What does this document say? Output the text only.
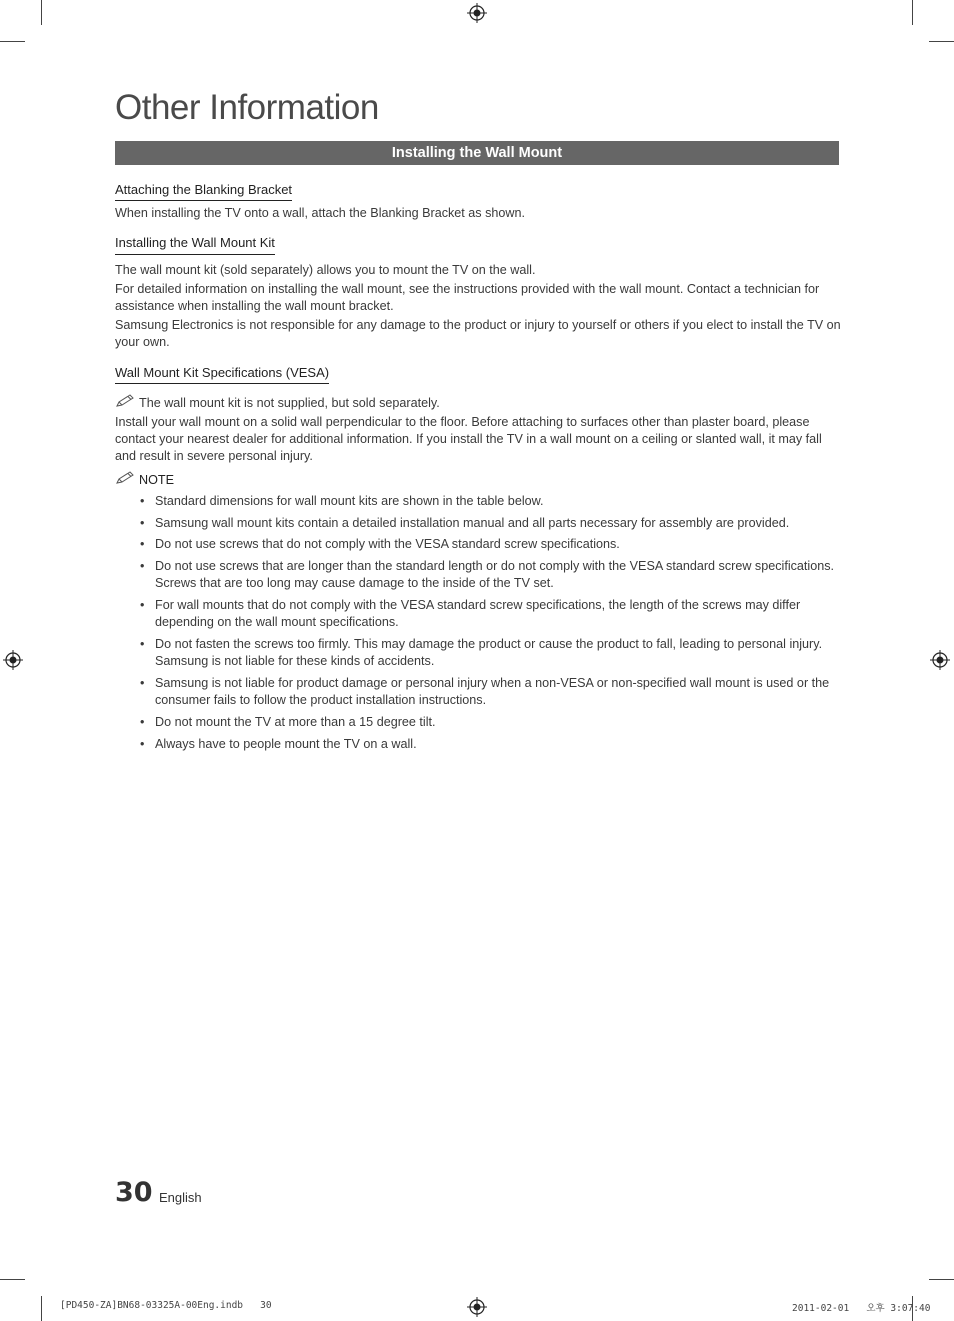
Other Information
Installing the Wall Mount
Attaching the Blanking Bracket

When installing the TV onto a wall, attach the Blanking Bracket as shown.

Installing the Wall Mount Kit

The wall mount kit (sold separately) allows you to mount the TV on the wall.

For detailed information on installing the wall mount, see the instructions provided with the wall mount. Contact a technician for assistance when installing the wall mount bracket.

Samsung Electronics is not responsible for any damage to the product or injury to yourself or others if you elect to install the TV on your own.

Wall Mount Kit Specifications (VESA)

The wall mount kit is not supplied, but sold separately.

Install your wall mount on a solid wall perpendicular to the floor. Before attaching to surfaces other than plaster board, please contact your nearest dealer for additional information. If you install the TV in a wall mount on a ceiling or slanted wall, it may fall and result in severe personal injury.

NOTE

• Standard dimensions for wall mount kits are shown in the table below.
• Samsung wall mount kits contain a detailed installation manual and all parts necessary for assembly are provided.
• Do not use screws that do not comply with the VESA standard screw specifications.
• Do not use screws that are longer than the standard length or do not comply with the VESA standard screw specifications. Screws that are too long may cause damage to the inside of the TV set.
• For wall mounts that do not comply with the VESA standard screw specifications, the length of the screws may differ depending on the wall mount specifications.
• Do not fasten the screws too firmly. This may damage the product or cause the product to fall, leading to personal injury. Samsung is not liable for these kinds of accidents.
• Samsung is not liable for product damage or personal injury when a non-VESA or non-specified wall mount is used or the consumer fails to follow the product installation instructions.
• Do not mount the TV at more than a 15 degree tilt.
• Always have to people mount the TV on a wall.
30 English
[PD450-ZA]BN68-03325A-00Eng.indb   30	2011-02-01   오후 3:07:40
